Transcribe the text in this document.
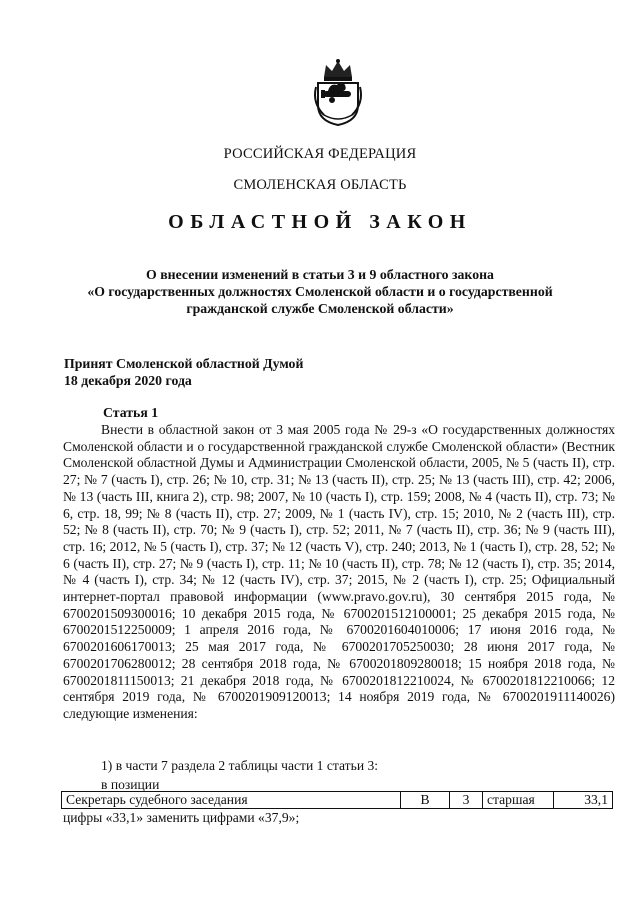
РОССИЙСКАЯ ФЕДЕРАЦИЯ
СМОЛЕНСКАЯ ОБЛАСТЬ
ОБЛАСТНОЙ ЗАКОН
О внесении изменений в статьи 3 и 9 областного закона
«О государственных должностях Смоленской области и о государственной
гражданской службе Смоленской области»
Принят Смоленской областной Думой
18 декабря 2020 года
Статья 1
Внести в областной закон от 3 мая 2005 года № 29-з «О государственных должностях Смоленской области и о государственной гражданской службе Смоленской области» (Вестник Смоленской областной Думы и Администрации Смоленской области, 2005, № 5 (часть II), стр. 27; № 7 (часть I), стр. 26; № 10, стр. 31; № 13 (часть II), стр. 25; № 13 (часть III), стр. 42; 2006, № 13 (часть III, книга 2), стр. 98; 2007, № 10 (часть I), стр. 159; 2008, № 4 (часть II), стр. 73; № 6, стр. 18, 99; № 8 (часть II), стр. 27; 2009, № 1 (часть IV), стр. 15; 2010, № 2 (часть III), стр. 52; № 8 (часть II), стр. 70; № 9 (часть I), стр. 52; 2011, № 7 (часть II), стр. 36; № 9 (часть III), стр. 16; 2012, № 5 (часть I), стр. 37; № 12 (часть V), стр. 240; 2013, № 1 (часть I), стр. 28, 52; № 6 (часть II), стр. 27; № 9 (часть I), стр. 11; № 10 (часть II), стр. 78; № 12 (часть I), стр. 35; 2014, № 4 (часть I), стр. 34; № 12 (часть IV), стр. 37; 2015, № 2 (часть I), стр. 25; Официальный интернет-портал правовой информации (www.pravo.gov.ru), 30 сентября 2015 года, № 6700201509300016; 10 декабря 2015 года, № 6700201512100001; 25 декабря 2015 года, № 6700201512250009; 1 апреля 2016 года, № 6700201604010006; 17 июня 2016 года, № 6700201606170013; 25 мая 2017 года, № 6700201705250030; 28 июня 2017 года, № 6700201706280012; 28 сентября 2018 года, № 6700201809280018; 15 ноября 2018 года, № 6700201811150013; 21 декабря 2018 года, № 6700201812210024, № 6700201812210066; 12 сентября 2019 года, № 6700201909120013; 14 ноября 2019 года, № 6700201911140026) следующие изменения:
1) в части 7 раздела 2 таблицы части 1 статьи 3:
в позиции
Секретарь судебного заседания	В	3	старшая	33,1
цифры «33,1» заменить цифрами «37,9»;
